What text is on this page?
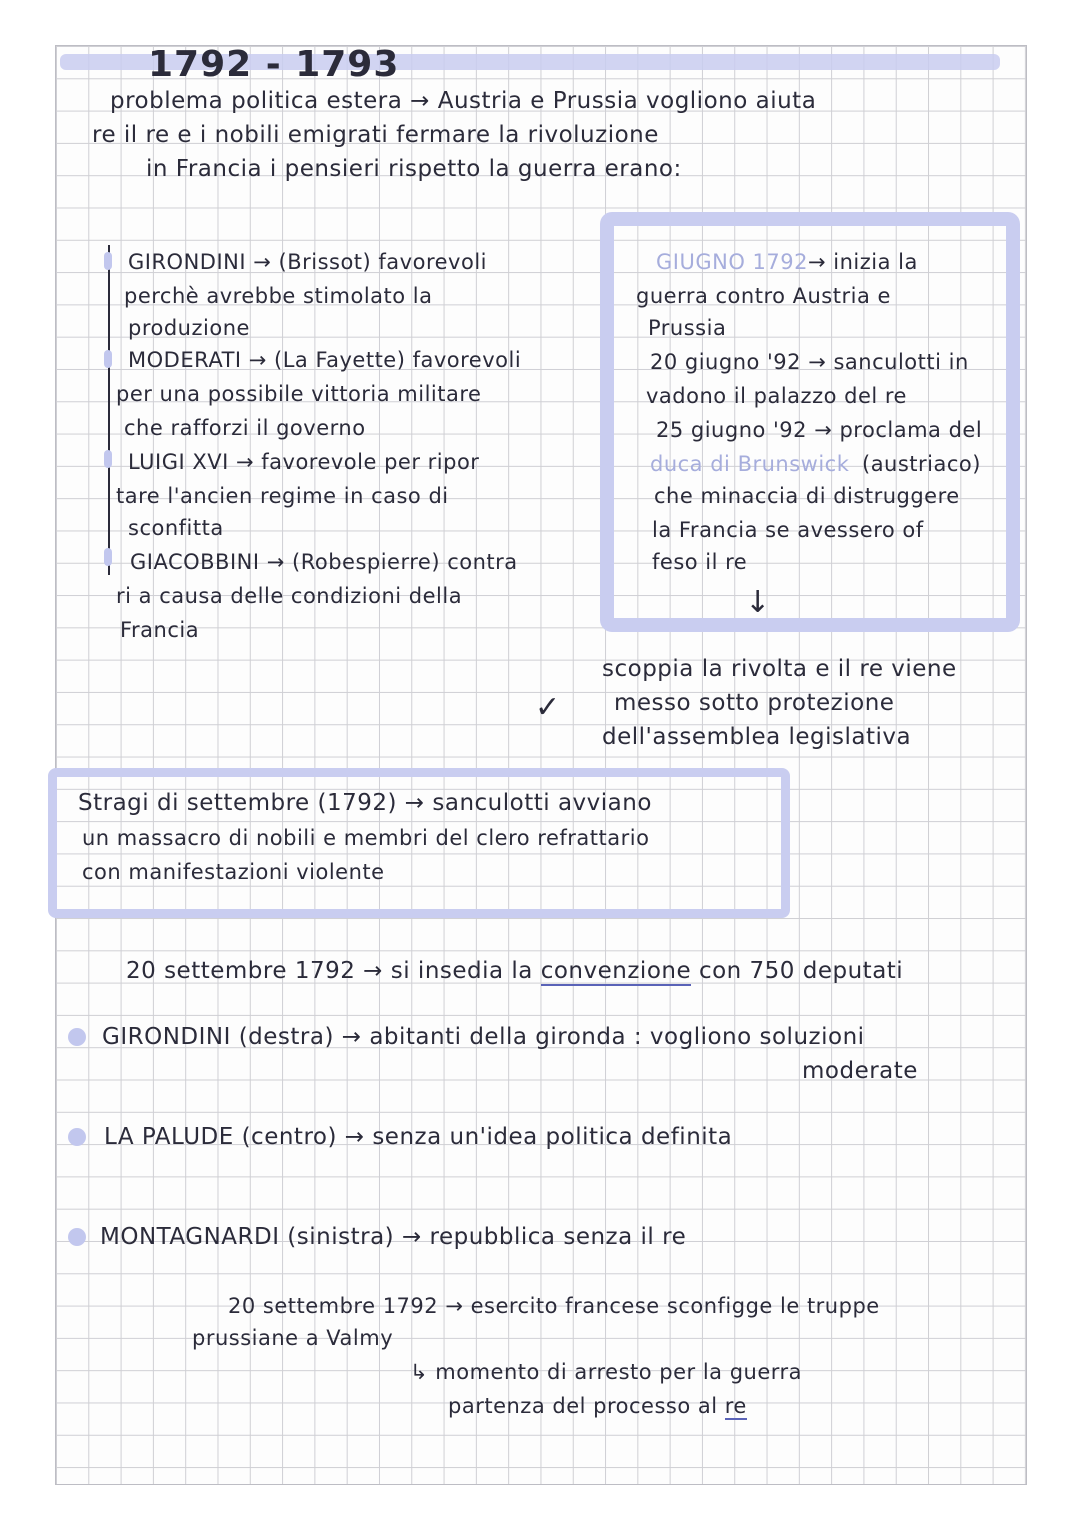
1792 - 1793
problema politica estera → Austria e Prussia vogliono aiuta
re il re e i nobili emigrati fermare la rivoluzione
in Francia i pensieri rispetto la guerra erano:
GIRONDINI → (Brissot) favorevoli
perchè avrebbe stimolato la
produzione
MODERATI → (La Fayette) favorevoli
per una possibile vittoria militare
che rafforzi il governo
LUIGI XVI → favorevole per ripor
tare l'ancien regime in caso di
sconfitta
GIACOBBINI → (Robespierre) contra
ri a causa delle condizioni della
Francia
GIUGNO 1792 → inizia la
guerra contro Austria e
Prussia
20 giugno '92 → sanculotti in
vadono il palazzo del re
25 giugno '92 → proclama del
duca di Brunswick (austriaco)
che minaccia di distruggere
la Francia se avessero of
feso il re
↓
scoppia la rivolta e il re viene
messo sotto protezione
dell'assemblea legislativa
✓
Stragi di settembre (1792) → sanculotti avviano
un massacro di nobili e membri del clero refrattario
con manifestazioni violente
20 settembre 1792 → si insedia la convenzione con 750 deputati
GIRONDINI (destra) → abitanti della gironda : vogliono soluzioni
moderate
LA PALUDE (centro) → senza un'idea politica definita
MONTAGNARDI (sinistra) → repubblica senza il re
20 settembre 1792 → esercito francese sconfigge le truppe
prussiane a Valmy
↳ momento di arresto per la guerra
partenza del processo al re
